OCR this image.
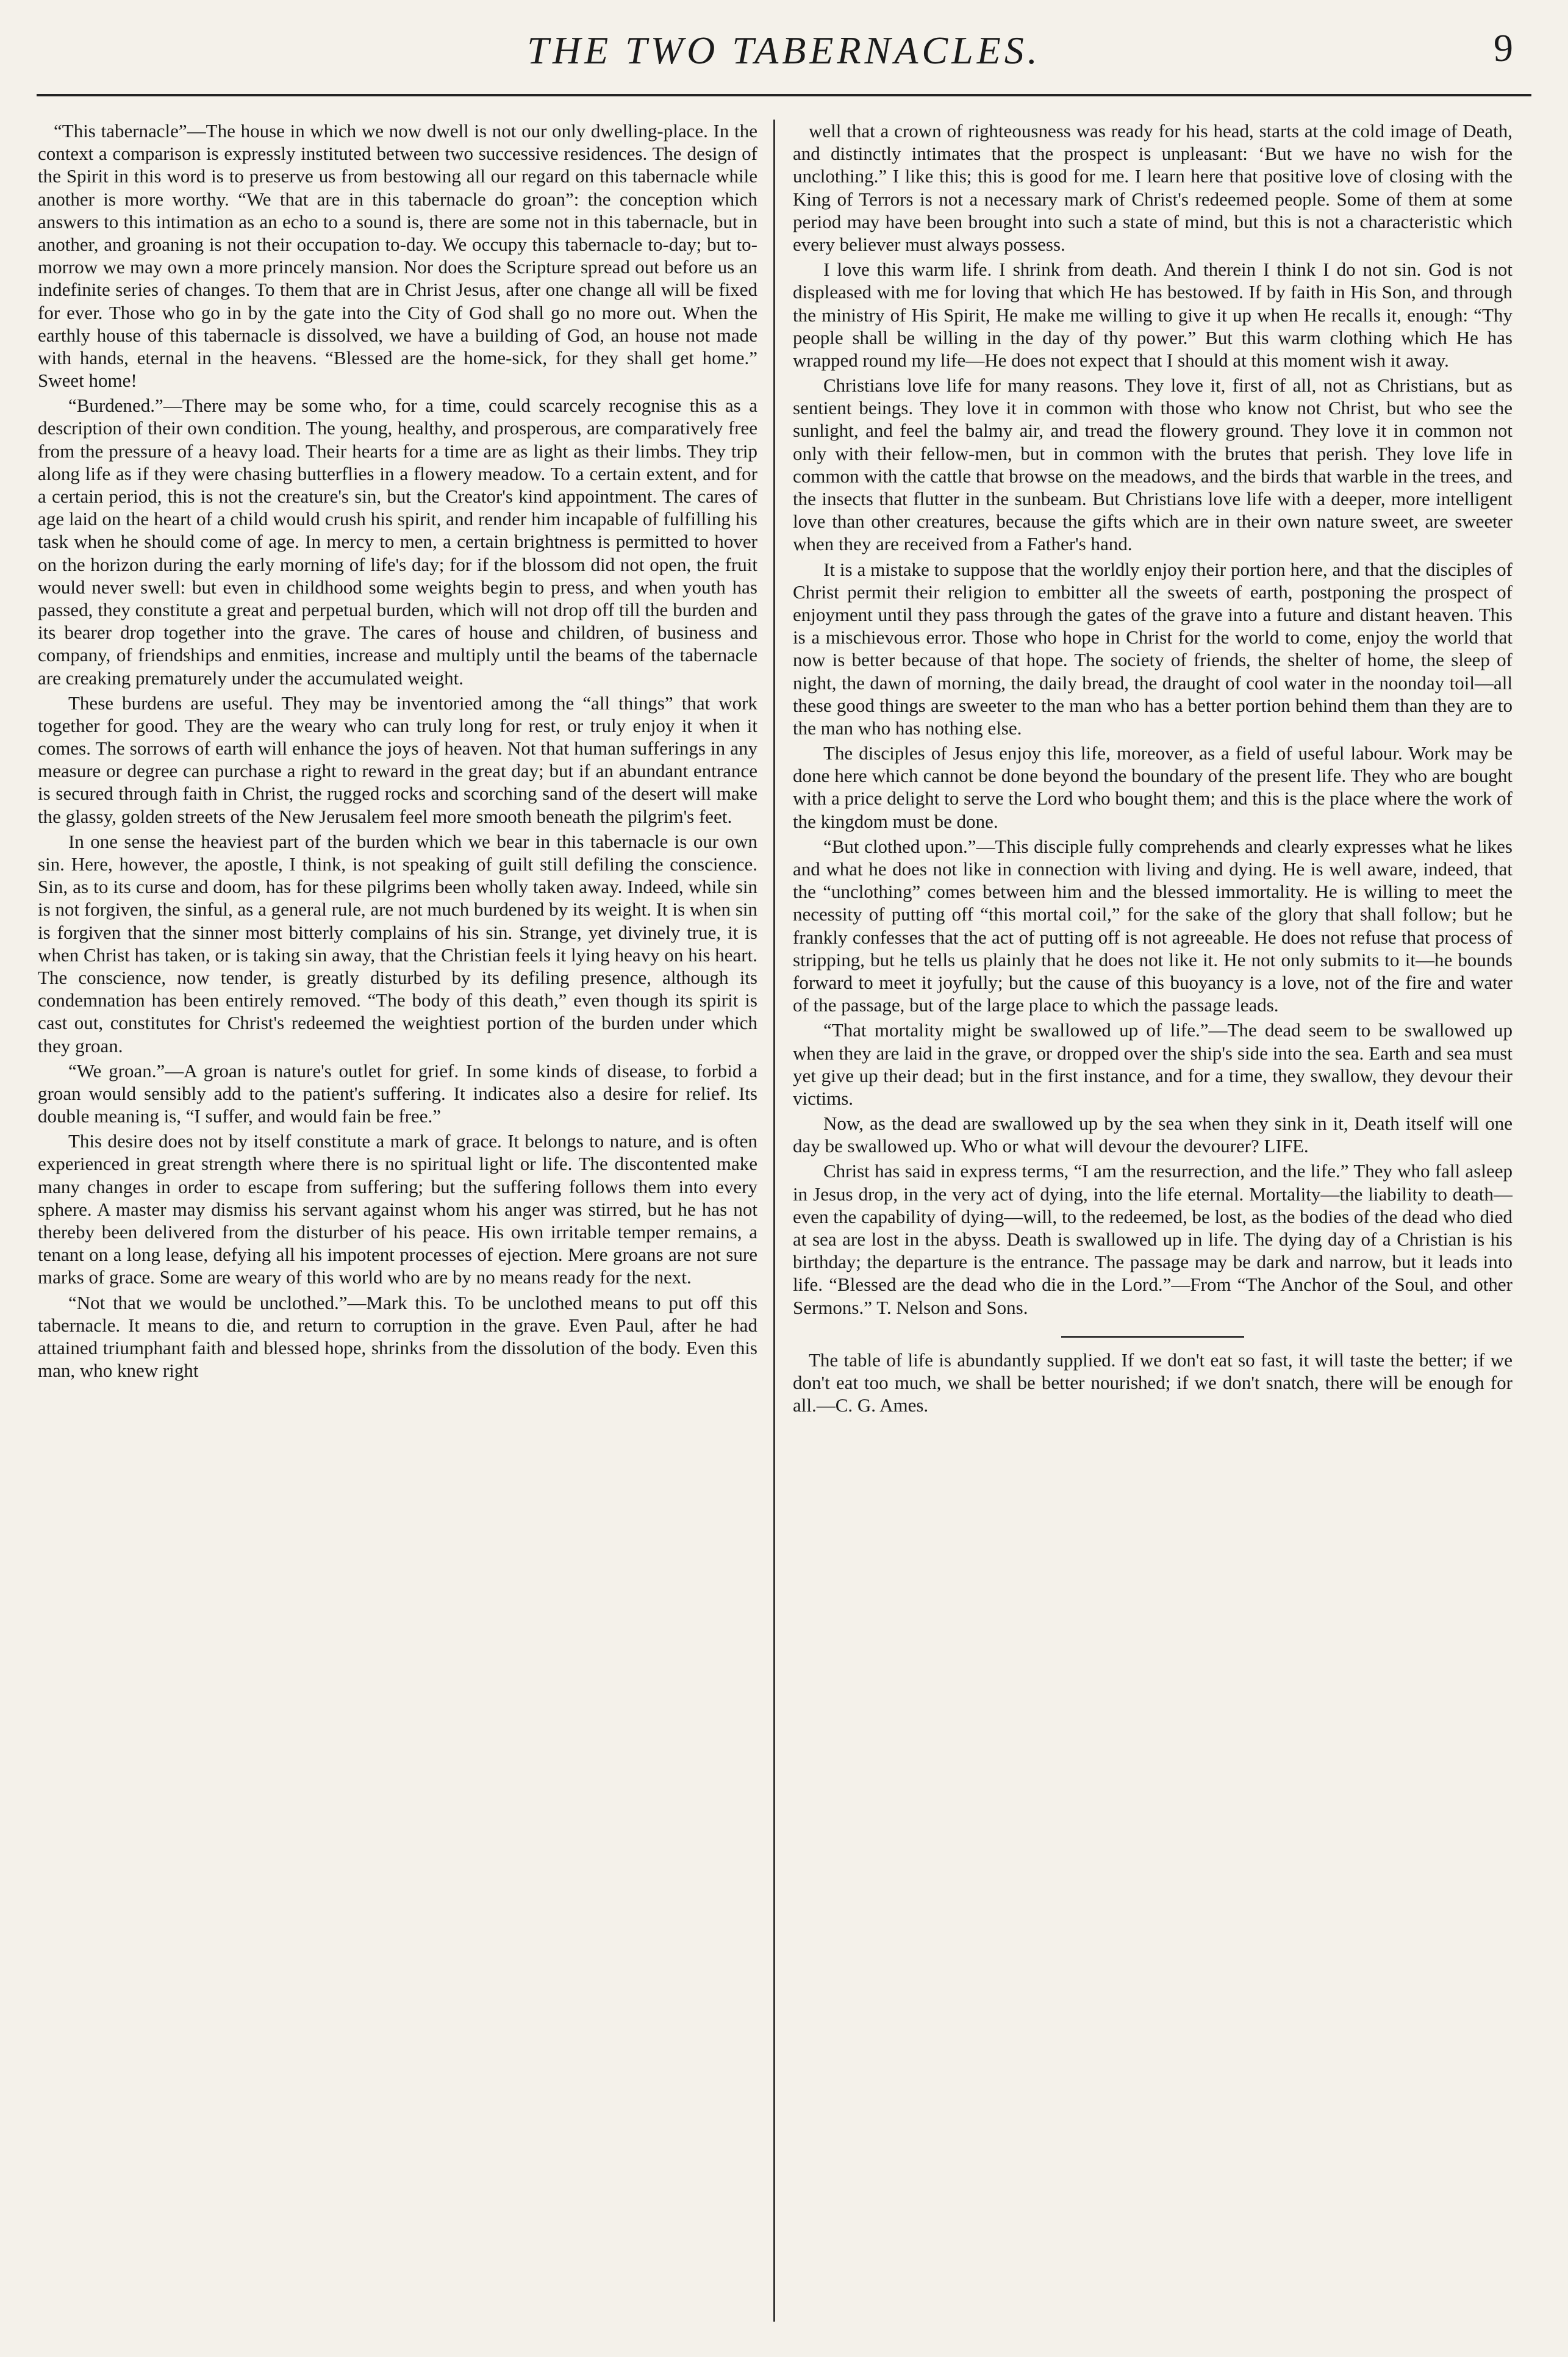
THE TWO TABERNACLES.	9

“This tabernacle”—The house in which we now dwell is not our only dwelling-place. In the context a comparison is expressly instituted between two successive residences. The design of the Spirit in this word is to preserve us from bestowing all our regard on this tabernacle while another is more worthy. “We that are in this tabernacle do groan”: the conception which answers to this intimation as an echo to a sound is, there are some not in this tabernacle, but in another, and groaning is not their occupation to-day. We occupy this tabernacle to-day; but to-morrow we may own a more princely mansion. Nor does the Scripture spread out before us an indefinite series of changes. To them that are in Christ Jesus, after one change all will be fixed for ever. Those who go in by the gate into the City of God shall go no more out. When the earthly house of this tabernacle is dissolved, we have a building of God, an house not made with hands, eternal in the heavens. “Blessed are the home-sick, for they shall get home.” Sweet home!

“Burdened.”—There may be some who, for a time, could scarcely recognise this as a description of their own condition. The young, healthy, and prosperous, are comparatively free from the pressure of a heavy load. Their hearts for a time are as light as their limbs. They trip along life as if they were chasing butterflies in a flowery meadow. To a certain extent, and for a certain period, this is not the creature's sin, but the Creator's kind appointment. The cares of age laid on the heart of a child would crush his spirit, and render him incapable of fulfilling his task when he should come of age. In mercy to men, a certain brightness is permitted to hover on the horizon during the early morning of life's day; for if the blossom did not open, the fruit would never swell: but even in childhood some weights begin to press, and when youth has passed, they constitute a great and perpetual burden, which will not drop off till the burden and its bearer drop together into the grave. The cares of house and children, of business and company, of friendships and enmities, increase and multiply until the beams of the tabernacle are creaking prematurely under the accumulated weight.

These burdens are useful. They may be inventoried among the “all things” that work together for good. They are the weary who can truly long for rest, or truly enjoy it when it comes. The sorrows of earth will enhance the joys of heaven. Not that human sufferings in any measure or degree can purchase a right to reward in the great day; but if an abundant entrance is secured through faith in Christ, the rugged rocks and scorching sand of the desert will make the glassy, golden streets of the New Jerusalem feel more smooth beneath the pilgrim's feet.

In one sense the heaviest part of the burden which we bear in this tabernacle is our own sin. Here, however, the apostle, I think, is not speaking of guilt still defiling the conscience. Sin, as to its curse and doom, has for these pilgrims been wholly taken away. Indeed, while sin is not forgiven, the sinful, as a general rule, are not much burdened by its weight. It is when sin is forgiven that the sinner most bitterly complains of his sin. Strange, yet divinely true, it is when Christ has taken, or is taking sin away, that the Christian feels it lying heavy on his heart. The conscience, now tender, is greatly disturbed by its defiling presence, although its condemnation has been entirely removed. “The body of this death,” even though its spirit is cast out, constitutes for Christ's redeemed the weightiest portion of the burden under which they groan.

“We groan.”—A groan is nature's outlet for grief. In some kinds of disease, to forbid a groan would sensibly add to the patient's suffering. It indicates also a desire for relief. Its double meaning is, “I suffer, and would fain be free.”

This desire does not by itself constitute a mark of grace. It belongs to nature, and is often experienced in great strength where there is no spiritual light or life. The discontented make many changes in order to escape from suffering; but the suffering follows them into every sphere. A master may dismiss his servant against whom his anger was stirred, but he has not thereby been delivered from the disturber of his peace. His own irritable temper remains, a tenant on a long lease, defying all his impotent processes of ejection. Mere groans are not sure marks of grace. Some are weary of this world who are by no means ready for the next.

“Not that we would be unclothed.”—Mark this. To be unclothed means to put off this tabernacle. It means to die, and return to corruption in the grave. Even Paul, after he had attained triumphant faith and blessed hope, shrinks from the dissolution of the body. Even this man, who knew right

well that a crown of righteousness was ready for his head, starts at the cold image of Death, and distinctly intimates that the prospect is unpleasant: ‘But we have no wish for the unclothing.” I like this; this is good for me. I learn here that positive love of closing with the King of Terrors is not a necessary mark of Christ's redeemed people. Some of them at some period may have been brought into such a state of mind, but this is not a characteristic which every believer must always possess.

I love this warm life. I shrink from death. And therein I think I do not sin. God is not displeased with me for loving that which He has bestowed. If by faith in His Son, and through the ministry of His Spirit, He make me willing to give it up when He recalls it, enough: “Thy people shall be willing in the day of thy power.” But this warm clothing which He has wrapped round my life—He does not expect that I should at this moment wish it away.

Christians love life for many reasons. They love it, first of all, not as Christians, but as sentient beings. They love it in common with those who know not Christ, but who see the sunlight, and feel the balmy air, and tread the flowery ground. They love it in common not only with their fellow-men, but in common with the brutes that perish. They love life in common with the cattle that browse on the meadows, and the birds that warble in the trees, and the insects that flutter in the sunbeam. But Christians love life with a deeper, more intelligent love than other creatures, because the gifts which are in their own nature sweet, are sweeter when they are received from a Father's hand.

It is a mistake to suppose that the worldly enjoy their portion here, and that the disciples of Christ permit their religion to embitter all the sweets of earth, postponing the prospect of enjoyment until they pass through the gates of the grave into a future and distant heaven. This is a mischievous error. Those who hope in Christ for the world to come, enjoy the world that now is better because of that hope. The society of friends, the shelter of home, the sleep of night, the dawn of morning, the daily bread, the draught of cool water in the noonday toil—all these good things are sweeter to the man who has a better portion behind them than they are to the man who has nothing else.

The disciples of Jesus enjoy this life, moreover, as a field of useful labour. Work may be done here which cannot be done beyond the boundary of the present life. They who are bought with a price delight to serve the Lord who bought them; and this is the place where the work of the kingdom must be done.

“But clothed upon.”—This disciple fully comprehends and clearly expresses what he likes and what he does not like in connection with living and dying. He is well aware, indeed, that the “unclothing” comes between him and the blessed immortality. He is willing to meet the necessity of putting off “this mortal coil,” for the sake of the glory that shall follow; but he frankly confesses that the act of putting off is not agreeable. He does not refuse that process of stripping, but he tells us plainly that he does not like it. He not only submits to it—he bounds forward to meet it joyfully; but the cause of this buoyancy is a love, not of the fire and water of the passage, but of the large place to which the passage leads.

“That mortality might be swallowed up of life.”—The dead seem to be swallowed up when they are laid in the grave, or dropped over the ship's side into the sea. Earth and sea must yet give up their dead; but in the first instance, and for a time, they swallow, they devour their victims.

Now, as the dead are swallowed up by the sea when they sink in it, Death itself will one day be swallowed up. Who or what will devour the devourer? LIFE.

Christ has said in express terms, “I am the resurrection, and the life.” They who fall asleep in Jesus drop, in the very act of dying, into the life eternal. Mortality—the liability to death—even the capability of dying—will, to the redeemed, be lost, as the bodies of the dead who died at sea are lost in the abyss. Death is swallowed up in life. The dying day of a Christian is his birthday; the departure is the entrance. The passage may be dark and narrow, but it leads into life. “Blessed are the dead who die in the Lord.”—From “The Anchor of the Soul, and other Sermons.” T. Nelson and Sons.

The table of life is abundantly supplied. If we don't eat so fast, it will taste the better; if we don't eat too much, we shall be better nourished; if we don't snatch, there will be enough for all.—C. G. Ames.
